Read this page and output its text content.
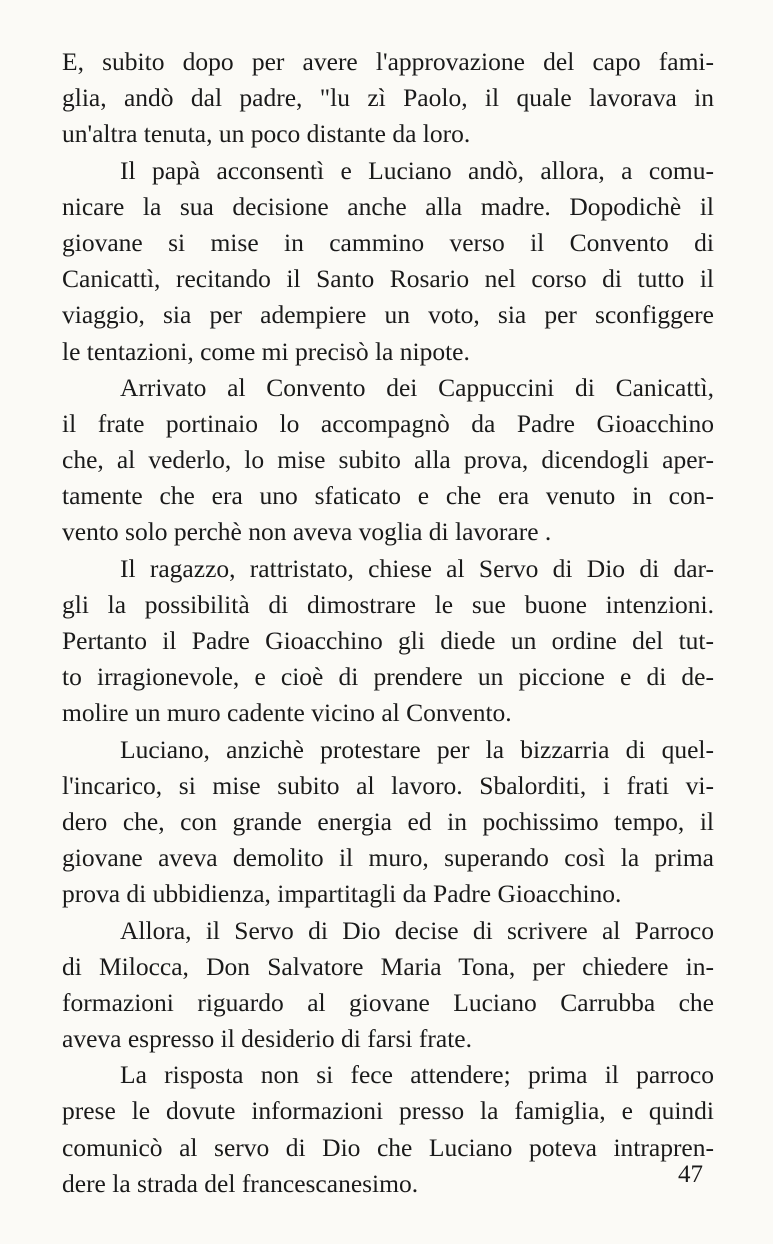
E, subito dopo per avere l'approvazione del capo fami-
glia, andò dal padre, "lu zì Paolo, il quale lavorava in
un'altra tenuta, un poco distante da loro.
Il papà acconsentì e Luciano andò, allora, a comu-
nicare la sua decisione anche alla madre. Dopodichè il
giovane si mise in cammino verso il Convento di
Canicattì, recitando il Santo Rosario nel corso di tutto il
viaggio, sia per adempiere un voto, sia per sconfiggere
le tentazioni, come mi precisò la nipote.
Arrivato al Convento dei Cappuccini di Canicattì,
il frate portinaio lo accompagnò da Padre Gioacchino
che, al vederlo, lo mise subito alla prova, dicendogli aper-
tamente che era uno sfaticato e che era venuto in con-
vento solo perchè non aveva voglia di lavorare .
Il ragazzo, rattristato, chiese al Servo di Dio di dar-
gli la possibilità di dimostrare le sue buone intenzioni.
Pertanto il Padre Gioacchino gli diede un ordine del tut-
to irragionevole, e cioè di prendere un piccione e di de-
molire un muro cadente vicino al Convento.
Luciano, anzichè protestare per la bizzarria di quel-
l'incarico, si mise subito al lavoro. Sbalorditi, i frati vi-
dero che, con grande energia ed in pochissimo tempo, il
giovane aveva demolito il muro, superando così la prima
prova di ubbidienza, impartitagli da Padre Gioacchino.
Allora, il Servo di Dio decise di scrivere al Parroco
di Milocca, Don Salvatore Maria Tona, per chiedere in-
formazioni riguardo al giovane Luciano Carrubba che
aveva espresso il desiderio di farsi frate.
La risposta non si fece attendere; prima il parroco
prese le dovute informazioni presso la famiglia, e quindi
comunicò al servo di Dio che Luciano poteva intrapren-
dere la strada del francescanesimo.	47
